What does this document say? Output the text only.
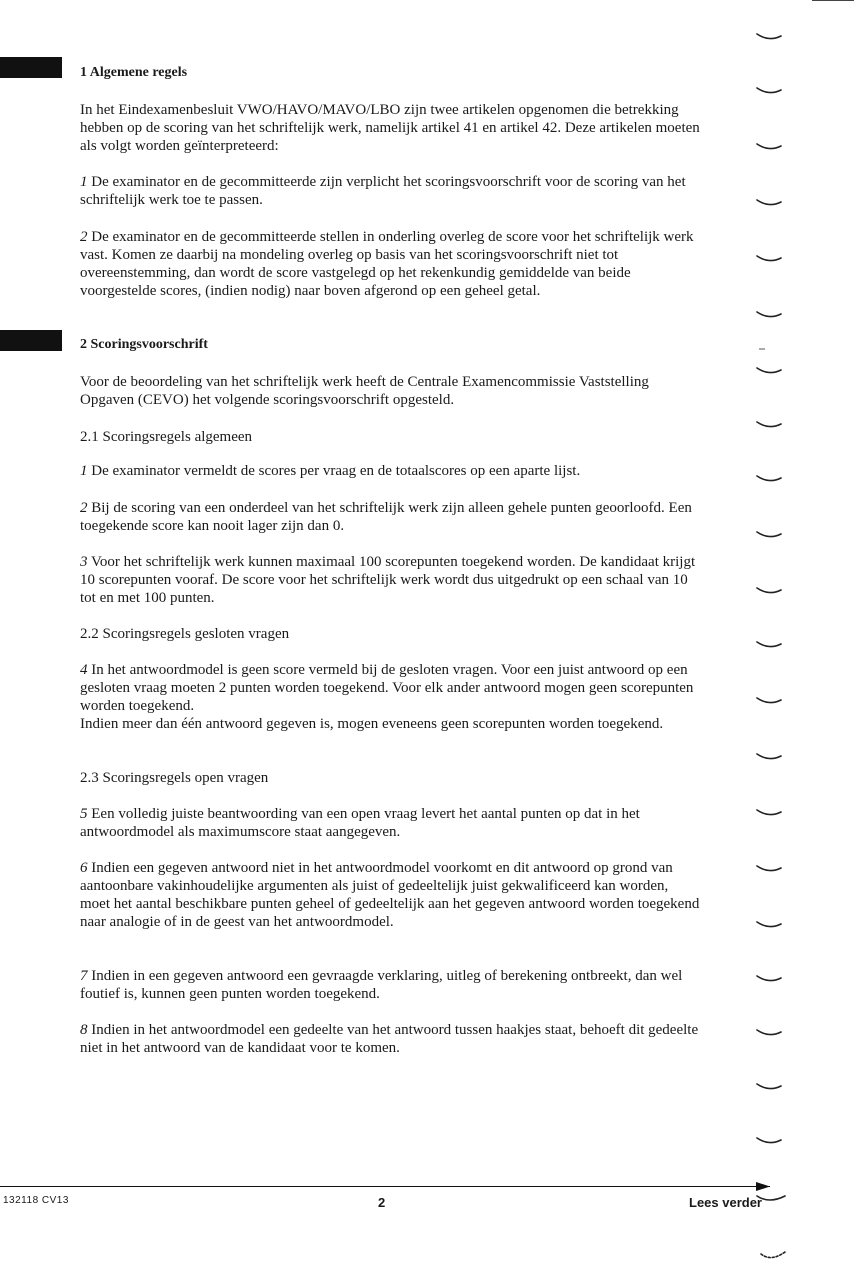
1 Algemene regels
In het Eindexamenbesluit VWO/HAVO/MAVO/LBO zijn twee artikelen opgenomen die betrekking hebben op de scoring van het schriftelijk werk, namelijk artikel 41 en artikel 42. Deze artikelen moeten als volgt worden geïnterpreteerd:
1 De examinator en de gecommitteerde zijn verplicht het scoringsvoorschrift voor de scoring van het schriftelijk werk toe te passen.
2 De examinator en de gecommitteerde stellen in onderling overleg de score voor het schriftelijk werk vast. Komen ze daarbij na mondeling overleg op basis van het scoringsvoorschrift niet tot overeenstemming, dan wordt de score vastgelegd op het rekenkundig gemiddelde van beide voorgestelde scores, (indien nodig) naar boven afgerond op een geheel getal.
2 Scoringsvoorschrift
Voor de beoordeling van het schriftelijk werk heeft de Centrale Examencommissie Vaststelling Opgaven (CEVO) het volgende scoringsvoorschrift opgesteld.
2.1 Scoringsregels algemeen
1 De examinator vermeldt de scores per vraag en de totaalscores op een aparte lijst.
2 Bij de scoring van een onderdeel van het schriftelijk werk zijn alleen gehele punten geoorloofd. Een toegekende score kan nooit lager zijn dan 0.
3 Voor het schriftelijk werk kunnen maximaal 100 scorepunten toegekend worden. De kandidaat krijgt 10 scorepunten vooraf. De score voor het schriftelijk werk wordt dus uitgedrukt op een schaal van 10 tot en met 100 punten.
2.2 Scoringsregels gesloten vragen
4 In het antwoordmodel is geen score vermeld bij de gesloten vragen. Voor een juist antwoord op een gesloten vraag moeten 2 punten worden toegekend. Voor elk ander antwoord mogen geen scorepunten worden toegekend.
Indien meer dan één antwoord gegeven is, mogen eveneens geen scorepunten worden toegekend.
2.3 Scoringsregels open vragen
5 Een volledig juiste beantwoording van een open vraag levert het aantal punten op dat in het antwoordmodel als maximumscore staat aangegeven.
6 Indien een gegeven antwoord niet in het antwoordmodel voorkomt en dit antwoord op grond van aantoonbare vakinhoudelijke argumenten als juist of gedeeltelijk juist gekwalificeerd kan worden, moet het aantal beschikbare punten geheel of gedeeltelijk aan het gegeven antwoord worden toegekend naar analogie of in de geest van het antwoordmodel.
7 Indien in een gegeven antwoord een gevraagde verklaring, uitleg of berekening ontbreekt, dan wel foutief is, kunnen geen punten worden toegekend.
8 Indien in het antwoordmodel een gedeelte van het antwoord tussen haakjes staat, behoeft dit gedeelte niet in het antwoord van de kandidaat voor te komen.
132118 CV13	2	Lees verder
